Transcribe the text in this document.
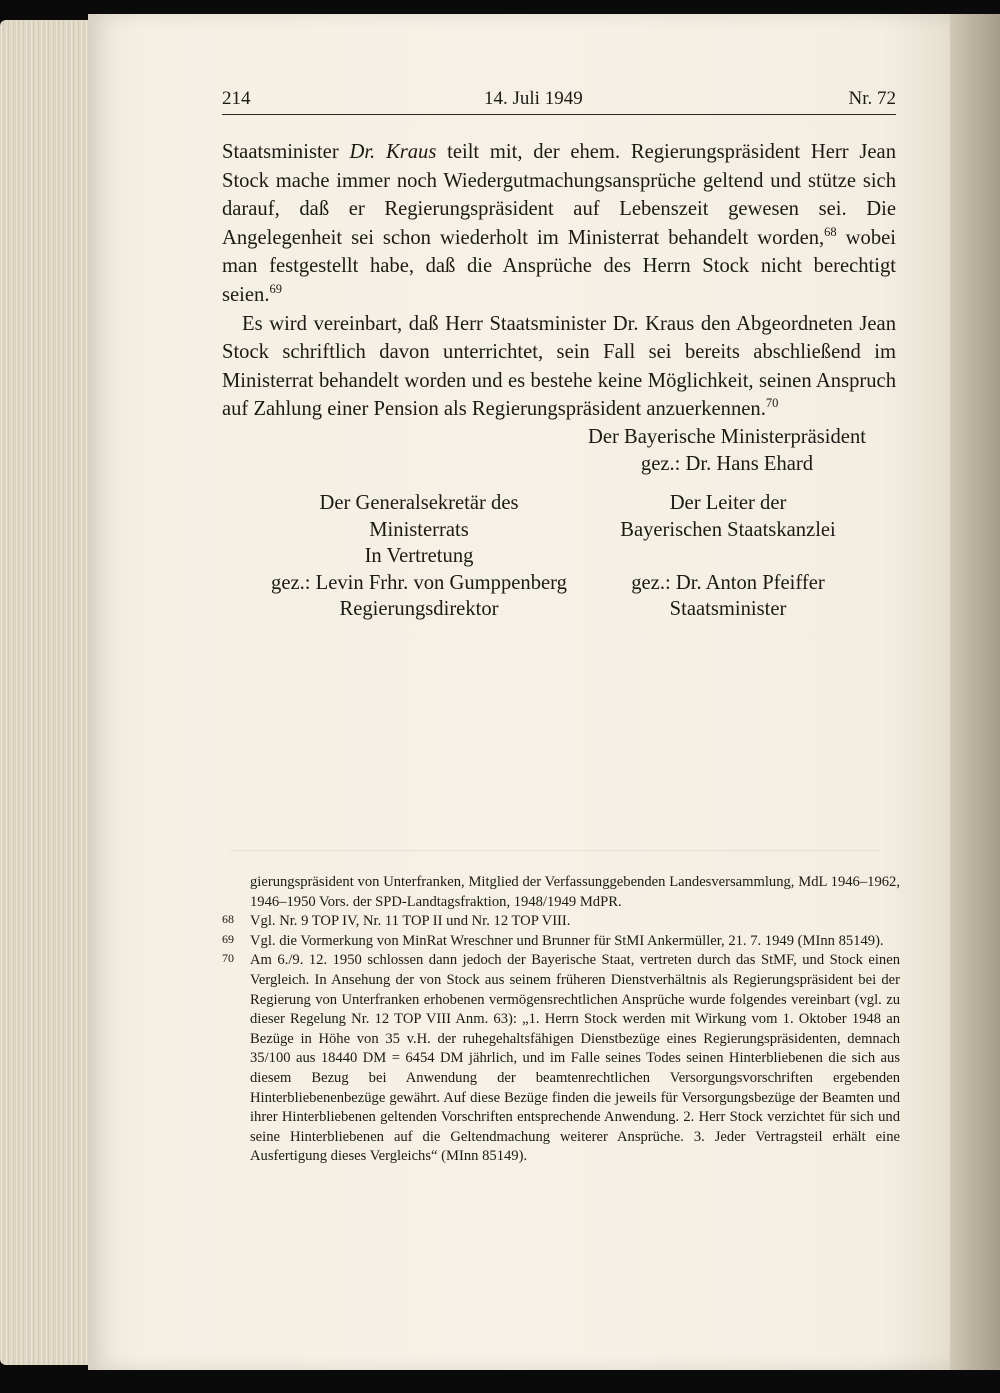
214	14. Juli 1949	Nr. 72

Staatsminister Dr. Kraus teilt mit, der ehem. Regierungspräsident Herr Jean Stock mache immer noch Wiedergutmachungsansprüche geltend und stütze sich darauf, daß er Regierungspräsident auf Lebenszeit gewesen sei. Die Angelegenheit sei schon wiederholt im Ministerrat behandelt worden,$^{68}$ wobei man festgestellt habe, daß die Ansprüche des Herrn Stock nicht berechtigt seien.$^{69}$

Es wird vereinbart, daß Herr Staatsminister Dr. Kraus den Abgeordneten Jean Stock schriftlich davon unterrichtet, sein Fall sei bereits abschließend im Ministerrat behandelt worden und es bestehe keine Möglichkeit, seinen Anspruch auf Zahlung einer Pension als Regierungspräsident anzuerkennen.$^{70}$

Der Bayerische Ministerpräsident
gez.: Dr. Hans Ehard
Der Generalsekretär des
Ministerrats
In Vertretung
gez.: Levin Frhr. von Gumppenberg
Regierungsdirektor
Der Leiter der
Bayerischen Staatskanzlei
gez.: Dr. Anton Pfeiffer
Staatsminister
gierungspräsident von Unterfranken, Mitglied der Verfassunggebenden Landesversammlung, MdL 1946–1962, 1946–1950 Vors. der SPD-Landtagsfraktion, 1948/1949 MdPR.
68 Vgl. Nr. 9 TOP IV, Nr. 11 TOP II und Nr. 12 TOP VIII.
69 Vgl. die Vormerkung von MinRat Wreschner und Brunner für StMI Ankermüller, 21. 7. 1949 (MInn 85149).
70 Am 6./9. 12. 1950 schlossen dann jedoch der Bayerische Staat, vertreten durch das StMF, und Stock einen Vergleich. In Ansehung der von Stock aus seinem früheren Dienstverhältnis als Regierungspräsident bei der Regierung von Unterfranken erhobenen vermögensrechtlichen Ansprüche wurde folgendes vereinbart (vgl. zu dieser Regelung Nr. 12 TOP VIII Anm. 63): „1. Herrn Stock werden mit Wirkung vom 1. Oktober 1948 an Bezüge in Höhe von 35 v.H. der ruhegehaltsfähigen Dienstbezüge eines Regierungspräsidenten, demnach 35/100 aus 18440 DM = 6454 DM jährlich, und im Falle seines Todes seinen Hinterbliebenen die sich aus diesem Bezug bei Anwendung der beamtenrechtlichen Versorgungsvorschriften ergebenden Hinterbliebenenbezüge gewährt. Auf diese Bezüge finden die jeweils für Versorgungsbezüge der Beamten und ihrer Hinterbliebenen geltenden Vorschriften entsprechende Anwendung. 2. Herr Stock verzichtet für sich und seine Hinterbliebenen auf die Geltendmachung weiterer Ansprüche. 3. Jeder Vertragsteil erhält eine Ausfertigung dieses Vergleichs“ (MInn 85149).
